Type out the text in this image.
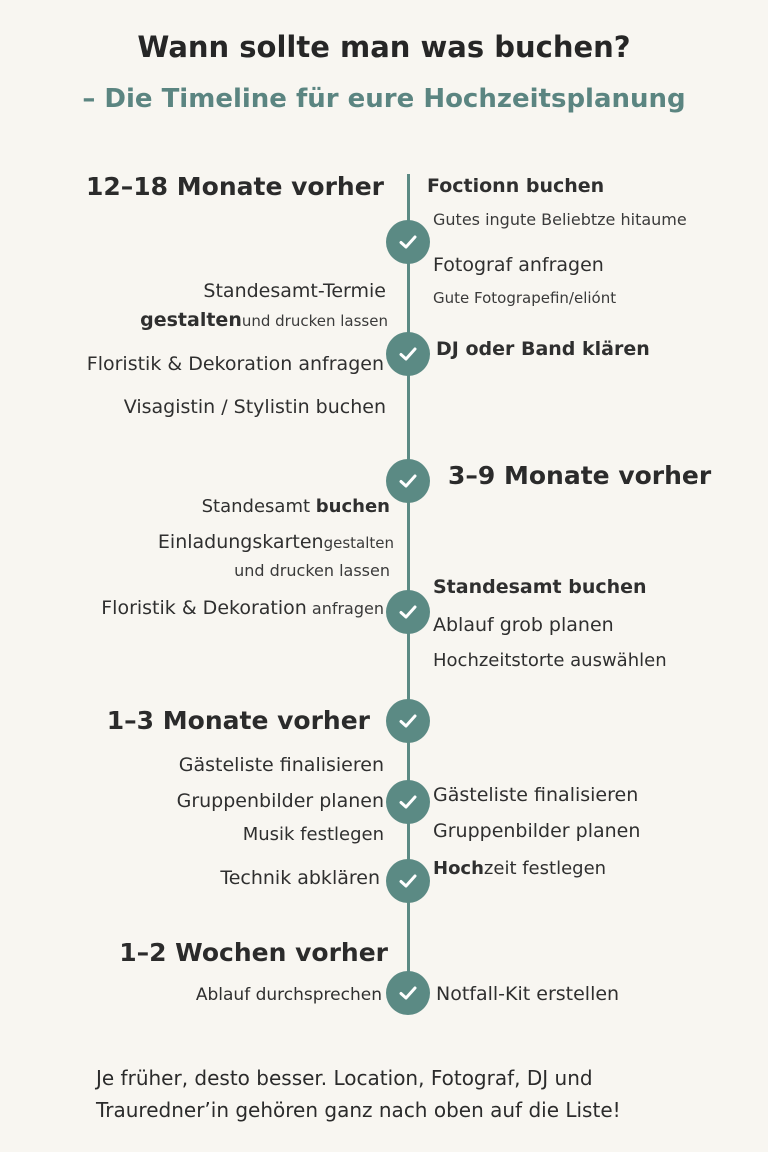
Wann sollte man was buchen?
– Die Timeline für eure Hochzeitsplanung
12–18 Monate vorher Foctionn buchen
Gutes ingute Beliebtze hitaume
Fotograf anfragen
Gute Fotograpefin/eliónt
DJ oder Band klären
Standesamt-Termie
gestaltenund drucken lassen
Floristik & Dekoration anfragen
Visagistin / Stylistin buchen
3–9 Monate vorher
Standesamt buchen
Einladungskartengestalten
und drucken lassen
Floristik & Dekoration anfragen
Standesamt buchen
Ablauf grob planen
Hochzeitstorte auswählen
1–3 Monate vorher
Gästeliste finalisieren
Gruppenbilder planen
Musik festlegen
Technik abklären
Gästeliste finalisieren
Gruppenbilder planen
Hochzeit festlegen
1–2 Wochen vorher
Ablauf durchsprechen	Notfall-Kit erstellen

Je früher, desto besser. Location, Fotograf, DJ und Trauredner’in gehören ganz nach oben auf die Liste!
